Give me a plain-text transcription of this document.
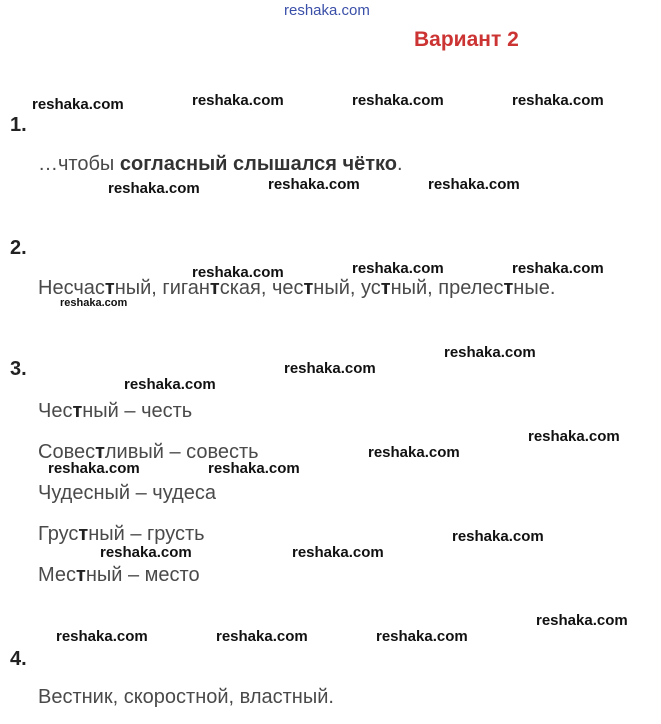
reshaka.com
Вариант 2
1.
…чтобы согласный слышался чётко.
2.
Несчастный, гигантская, честный, устный, прелестные.
3.
Честный – честь
Совестливый – совесть
Чудесный – чудеса
Грустный – грусть
Местный – место
4.
Вестник, скоростной, властный.
reshaka.com	reshaka.com	reshaka.com	reshaka.com
reshaka.com	reshaka.com	reshaka.com
reshaka.com	reshaka.com	reshaka.com
reshaka.com
reshaka.com
reshaka.com
reshaka.com
reshaka.com
reshaka.com
reshaka.com	reshaka.com
reshaka.com
reshaka.com	reshaka.com
reshaka.com
reshaka.com	reshaka.com	reshaka.com
